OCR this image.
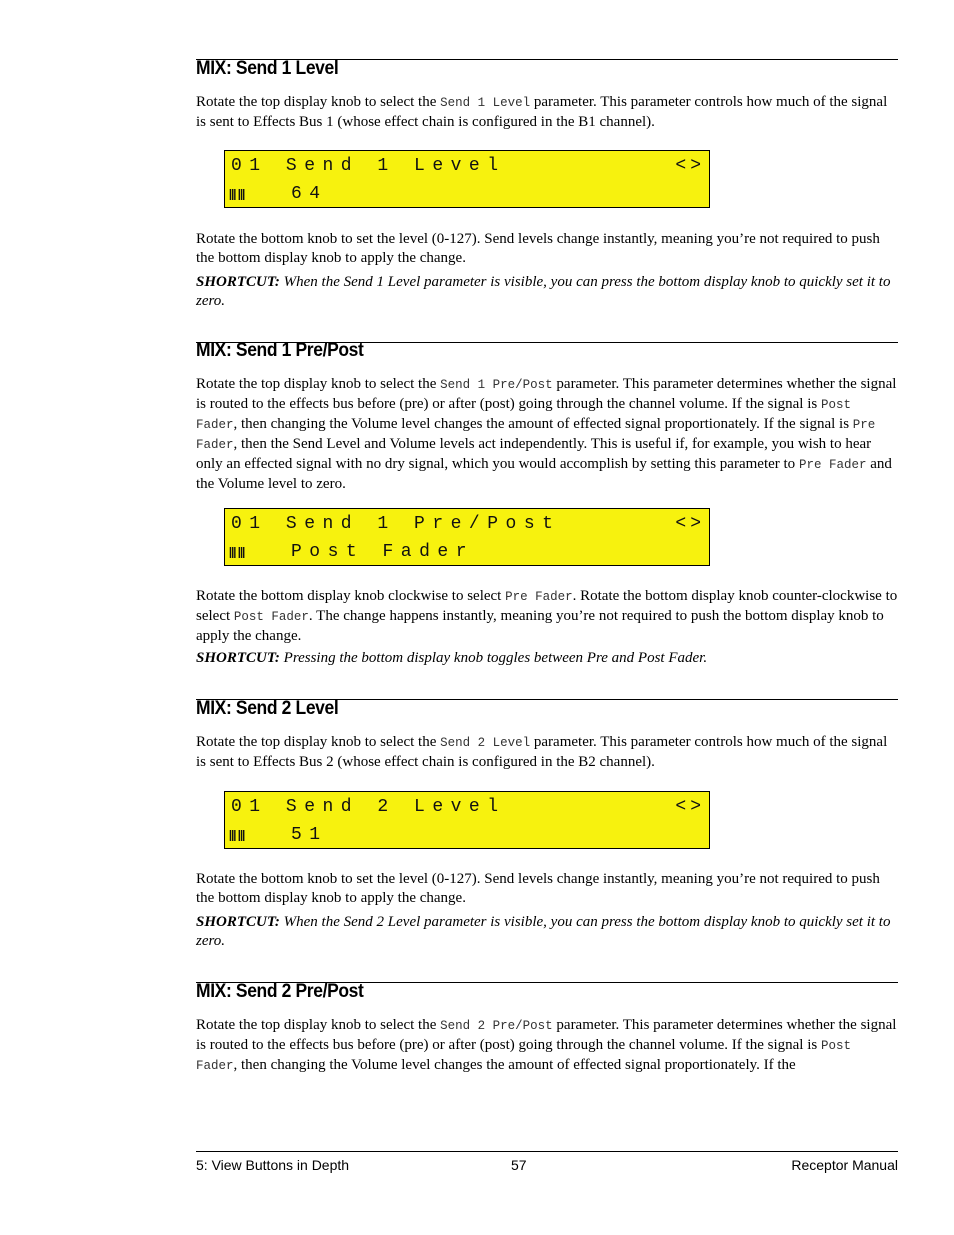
MIX: Send 1 Level
Rotate the top display knob to select the Send 1 Level parameter. This parameter controls how much of the signal is sent to Effects Bus 1 (whose effect chain is configured in the B1 channel).
01 Send 1 Level	<>
lll lll	64
Rotate the bottom knob to set the level (0-127). Send levels change instantly, meaning you’re not required to push the bottom display knob to apply the change.
SHORTCUT: When the Send 1 Level parameter is visible, you can press the bottom display knob to quickly set it to zero.
MIX: Send 1 Pre/Post
Rotate the top display knob to select the Send 1 Pre/Post parameter. This parameter determines whether the signal is routed to the effects bus before (pre) or after (post) going through the channel volume. If the signal is Post Fader, then changing the Volume level changes the amount of effected signal proportionately. If the signal is Pre Fader, then the Send Level and Volume levels act independently. This is useful if, for example, you wish to hear only an effected signal with no dry signal, which you would accomplish by setting this parameter to Pre Fader and the Volume level to zero.
01 Send 1 Pre/Post	<>
lll lll	Post Fader
Rotate the bottom display knob clockwise to select Pre Fader. Rotate the bottom display knob counter-clockwise to select Post Fader. The change happens instantly, meaning you’re not required to push the bottom display knob to apply the change.
SHORTCUT: Pressing the bottom display knob toggles between Pre and Post Fader.
MIX: Send 2 Level
Rotate the top display knob to select the Send 2 Level parameter. This parameter controls how much of the signal is sent to Effects Bus 2 (whose effect chain is configured in the B2 channel).
01 Send 2 Level	<>
lll lll	51
Rotate the bottom knob to set the level (0-127). Send levels change instantly, meaning you’re not required to push the bottom display knob to apply the change.
SHORTCUT: When the Send 2 Level parameter is visible, you can press the bottom display knob to quickly set it to zero.
MIX: Send 2 Pre/Post
Rotate the top display knob to select the Send 2 Pre/Post parameter. This parameter determines whether the signal is routed to the effects bus before (pre) or after (post) going through the channel volume. If the signal is Post Fader, then changing the Volume level changes the amount of effected signal proportionately. If the
5: View Buttons in Depth	57	Receptor Manual
